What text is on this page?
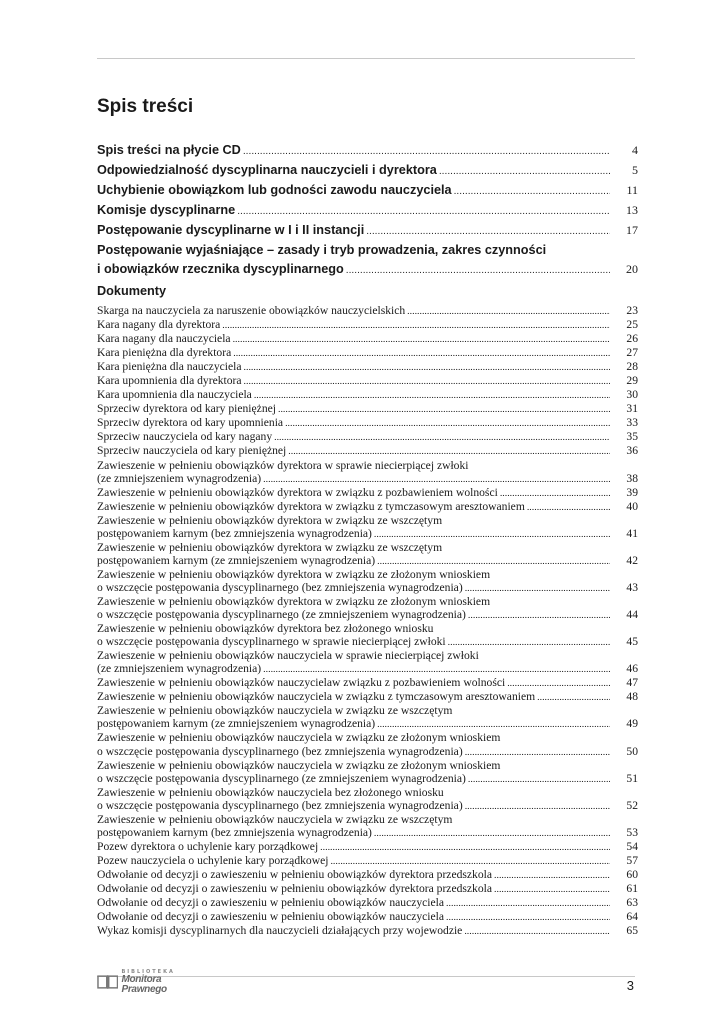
Spis treści
Spis treści na płycie CD .....	4
Odpowiedzialność dyscyplinarna nauczycieli i dyrektora .....	5
Uchybienie obowiązkom lub godności zawodu nauczyciela .....	11
Komisje dyscyplinarne .....	13
Postępowanie dyscyplinarne w I i II instancji .....	17
Postępowanie wyjaśniające – zasady i tryb prowadzenia, zakres czynności
i obowiązków rzecznika dyscyplinarnego .....	20
Dokumenty
Skarga na nauczyciela za naruszenie obowiązków nauczycielskich .....	23
Kara nagany dla dyrektora .....	25
Kara nagany dla nauczyciela .....	26
Kara pieniężna dla dyrektora .....	27
Kara pieniężna dla nauczyciela .....	28
Kara upomnienia dla dyrektora .....	29
Kara upomnienia dla nauczyciela .....	30
Sprzeciw dyrektora od kary pieniężnej .....	31
Sprzeciw dyrektora od kary upomnienia .....	33
Sprzeciw nauczyciela od kary nagany .....	35
Sprzeciw nauczyciela od kary pieniężnej .....	36
Zawieszenie w pełnieniu obowiązków dyrektora w sprawie niecierpiącej zwłoki
(ze zmniejszeniem wynagrodzenia) .....	38
Zawieszenie w pełnieniu obowiązków dyrektora w związku z pozbawieniem wolności .....	39
Zawieszenie w pełnieniu obowiązków dyrektora w związku z tymczasowym aresztowaniem .....	40
Zawieszenie w pełnieniu obowiązków dyrektora w związku ze wszczętym
postępowaniem karnym (bez zmniejszenia wynagrodzenia) .....	41
Zawieszenie w pełnieniu obowiązków dyrektora w związku ze wszczętym
postępowaniem karnym (ze zmniejszeniem wynagrodzenia) .....	42
Zawieszenie w pełnieniu obowiązków dyrektora w związku ze złożonym wnioskiem
o wszczęcie postępowania dyscyplinarnego (bez zmniejszenia wynagrodzenia) .....	43
Zawieszenie w pełnieniu obowiązków dyrektora w związku ze złożonym wnioskiem
o wszczęcie postępowania dyscyplinarnego (ze zmniejszeniem wynagrodzenia) .....	44
Zawieszenie w pełnieniu obowiązków dyrektora bez złożonego wniosku
o wszczęcie postępowania dyscyplinarnego w sprawie niecierpiącej zwłoki .....	45
Zawieszenie w pełnieniu obowiązków nauczyciela w sprawie niecierpiącej zwłoki
(ze zmniejszeniem wynagrodzenia) .....	46
Zawieszenie w pełnieniu obowiązków nauczycielaw związku z pozbawieniem wolności .....	47
Zawieszenie w pełnieniu obowiązków nauczyciela w związku z tymczasowym aresztowaniem .....	48
Zawieszenie w pełnieniu obowiązków nauczyciela w związku ze wszczętym
postępowaniem karnym (ze zmniejszeniem wynagrodzenia) .....	49
Zawieszenie w pełnieniu obowiązków nauczyciela w związku ze złożonym wnioskiem
o wszczęcie postępowania dyscyplinarnego (bez zmniejszenia wynagrodzenia) .....	50
Zawieszenie w pełnieniu obowiązków nauczyciela w związku ze złożonym wnioskiem
o wszczęcie postępowania dyscyplinarnego (ze zmniejszeniem wynagrodzenia) .....	51
Zawieszenie w pełnieniu obowiązków nauczyciela bez złożonego wniosku
o wszczęcie postępowania dyscyplinarnego (bez zmniejszenia wynagrodzenia) .....	52
Zawieszenie w pełnieniu obowiązków nauczyciela w związku ze wszczętym
postępowaniem karnym (bez zmniejszenia wynagrodzenia) .....	53
Pozew dyrektora o uchylenie kary porządkowej .....	54
Pozew nauczyciela o uchylenie kary porządkowej .....	57
Odwołanie od decyzji o zawieszeniu w pełnieniu obowiązków dyrektora przedszkola .....	60
Odwołanie od decyzji o zawieszeniu w pełnieniu obowiązków dyrektora przedszkola .....	61
Odwołanie od decyzji o zawieszeniu w pełnieniu obowiązków nauczyciela .....	63
Odwołanie od decyzji o zawieszeniu w pełnieniu obowiązków nauczyciela .....	64
Wykaz komisji dyscyplinarnych dla nauczycieli działających przy wojewodzie .....	65
BIBLIOTEKA
Monitora Prawnego	3
